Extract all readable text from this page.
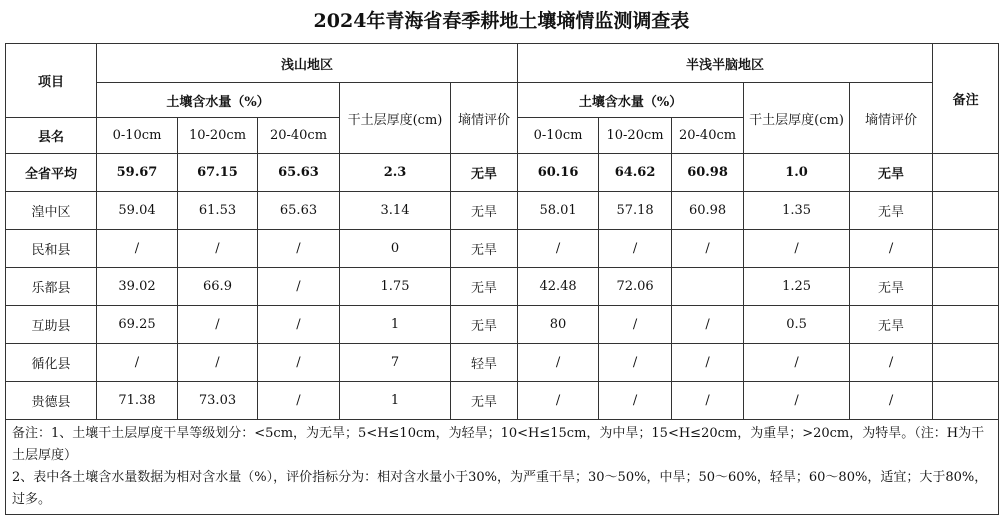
2024年青海省春季耕地土壤墒情监测调查表
项目	浅山地区					半浅半脑地区					备注
	土壤含水量（%）			干土层厚度(cm)	墒情评价	土壤含水量（%）			干土层厚度(cm)	墒情评价	
县名	0-10cm	10-20cm	20-40cm			0-10cm	10-20cm	20-40cm			
全省平均	59.67	67.15	65.63	2.3	无旱	60.16	64.62	60.98	1.0	无旱	
湟中区	59.04	61.53	65.63	3.14	无旱	58.01	57.18	60.98	1.35	无旱	
民和县	/	/	/	0	无旱	/	/	/	/	/	
乐都县	39.02	66.9	/	1.75	无旱	42.48	72.06		1.25	无旱	
互助县	69.25	/	/	1	无旱	80	/	/	0.5	无旱	
循化县	/	/	/	7	轻旱	/	/	/	/	/	
贵德县	71.38	73.03	/	1	无旱	/	/	/	/	/	

备注：1、土壤干土层厚度干旱等级划分：<5cm，为无旱；5<H≤10cm，为轻旱；10<H≤15cm，为中旱；15<H≤20cm，为重旱；>20cm，为特旱。（注：H为干土层厚度）
2、表中各土壤含水量数据为相对含水量（%），评价指标分为：相对含水量小于30%，为严重干旱；30～50%，中旱；50～60%，轻旱；60～80%，适宜；大于80%，过多。											
